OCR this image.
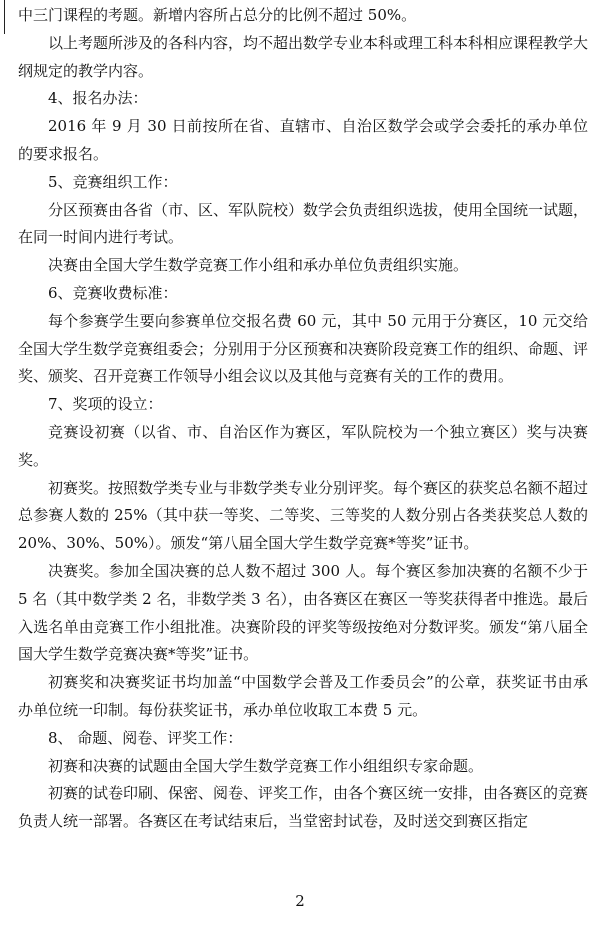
中三门课程的考题。新增内容所占总分的比例不超过 50%。

以上考题所涉及的各科内容，均不超出数学专业本科或理工科本科相应课程教学大纲规定的教学内容。

4、报名办法：

2016 年 9 月 30 日前按所在省、直辖市、自治区数学会或学会委托的承办单位的要求报名。

5、竞赛组织工作：

分区预赛由各省（市、区、军队院校）数学会负责组织选拔，使用全国统一试题，在同一时间内进行考试。

决赛由全国大学生数学竞赛工作小组和承办单位负责组织实施。

6、竞赛收费标准：

每个参赛学生要向参赛单位交报名费 60 元，其中 50 元用于分赛区，10 元交给全国大学生数学竞赛组委会；分别用于分区预赛和决赛阶段竞赛工作的组织、命题、评奖、颁奖、召开竞赛工作领导小组会议以及其他与竞赛有关的工作的费用。

7、奖项的设立：

竞赛设初赛（以省、市、自治区作为赛区，军队院校为一个独立赛区）奖与决赛奖。

初赛奖。按照数学类专业与非数学类专业分别评奖。每个赛区的获奖总名额不超过总参赛人数的 25%（其中获一等奖、二等奖、三等奖的人数分别占各类获奖总人数的 20%、30%、50%）。颁发“第八届全国大学生数学竞赛*等奖”证书。

决赛奖。参加全国决赛的总人数不超过 300 人。每个赛区参加决赛的名额不少于 5 名（其中数学类 2 名，非数学类 3 名），由各赛区在赛区一等奖获得者中推选。最后入选名单由竞赛工作小组批准。决赛阶段的评奖等级按绝对分数评奖。颁发“第八届全国大学生数学竞赛决赛*等奖”证书。

初赛奖和决赛奖证书均加盖“中国数学会普及工作委员会”的公章，获奖证书由承办单位统一印制。每份获奖证书，承办单位收取工本费 5 元。

8、 命题、阅卷、评奖工作：

初赛和决赛的试题由全国大学生数学竞赛工作小组组织专家命题。

初赛的试卷印刷、保密、阅卷、评奖工作，由各个赛区统一安排，由各赛区的竞赛负责人统一部署。各赛区在考试结束后，当堂密封试卷，及时送交到赛区指定

2
